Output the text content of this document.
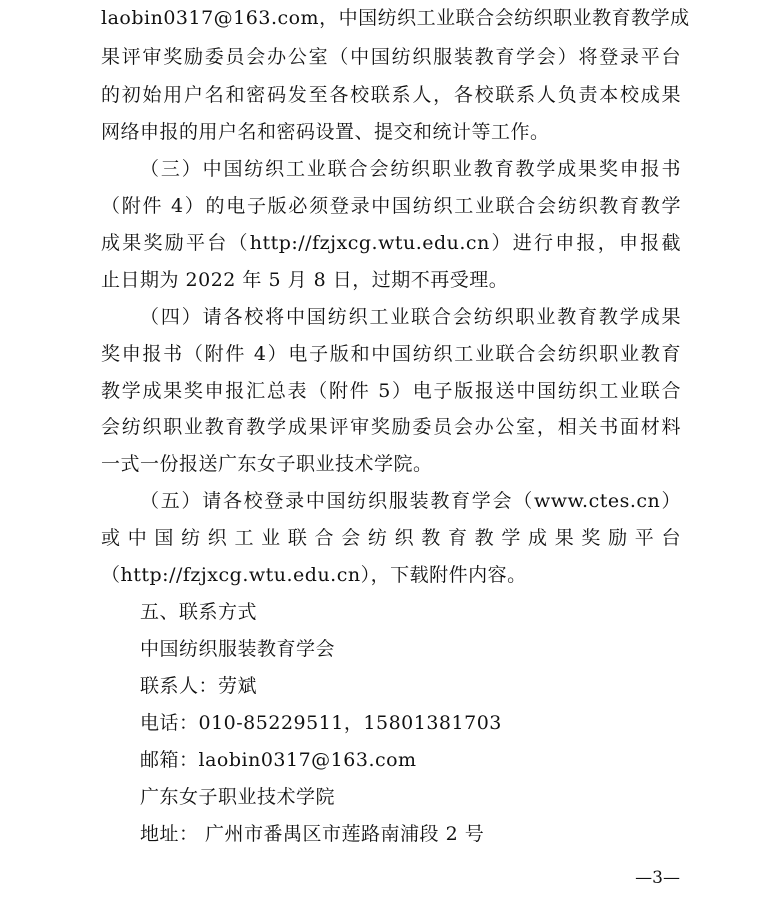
laobin0317@163.com，中国纺织工业联合会纺织职业教育教学成
果评审奖励委员会办公室（中国纺织服装教育学会）将登录平台
的初始用户名和密码发至各校联系人，各校联系人负责本校成果
网络申报的用户名和密码设置、提交和统计等工作。
（三）中国纺织工业联合会纺织职业教育教学成果奖申报书
（附件 4）的电子版必须登录中国纺织工业联合会纺织教育教学
成果奖励平台（http://fzjxcg.wtu.edu.cn）进行申报，申报截
止日期为 2022 年 5 月 8 日，过期不再受理。
（四）请各校将中国纺织工业联合会纺织职业教育教学成果
奖申报书（附件 4）电子版和中国纺织工业联合会纺织职业教育
教学成果奖申报汇总表（附件 5）电子版报送中国纺织工业联合
会纺织职业教育教学成果评审奖励委员会办公室，相关书面材料
一式一份报送广东女子职业技术学院。
（五）请各校登录中国纺织服装教育学会（www.ctes.cn）
或中国纺织工业联合会纺织教育教学成果奖励平台
（http://fzjxcg.wtu.edu.cn），下载附件内容。
五、联系方式
中国纺织服装教育学会
联系人：劳斌
电话：010-85229511，15801381703
邮箱：laobin0317@163.com
广东女子职业技术学院
地址： 广州市番禺区市莲路南浦段 2 号
—3—
